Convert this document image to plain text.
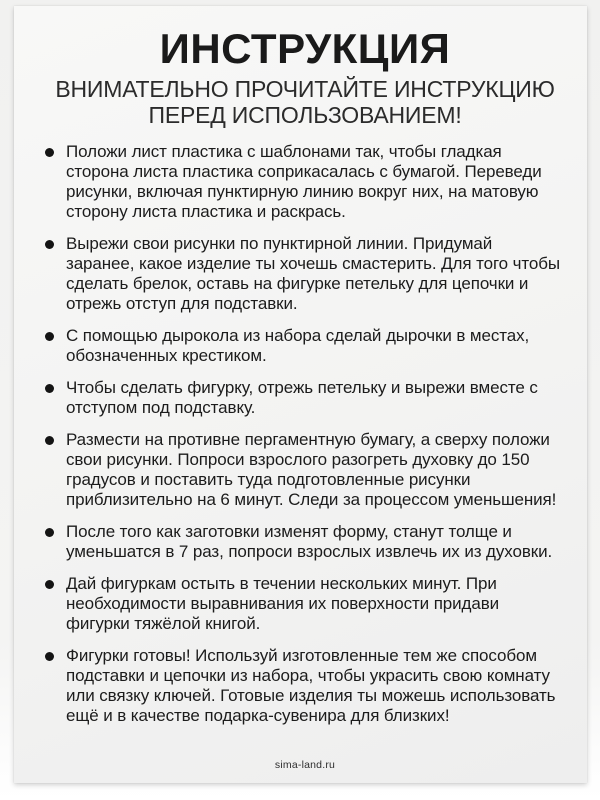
ИНСТРУКЦИЯ
ВНИМАТЕЛЬНО ПРОЧИТАЙТЕ ИНСТРУКЦИЮ
ПЕРЕД ИСПОЛЬЗОВАНИЕМ!
Положи лист пластика с шаблонами так, чтобы гладкая сторона листа пластика соприкасалась с бумагой. Переведи рисунки, включая пунктирную линию вокруг них, на матовую сторону листа пластика и раскрась.
Вырежи свои рисунки по пунктирной линии. Придумай заранее, какое изделие ты хочешь смастерить. Для того чтобы сделать брелок, оставь на фигурке петельку для цепочки и отрежь отступ для подставки.
С помощью дырокола из набора сделай дырочки в местах, обозначенных крестиком.
Чтобы сделать фигурку, отрежь петельку и вырежи вместе с отступом под подставку.
Размести на противне пергаментную бумагу, а сверху положи свои рисунки. Попроси взрослого разогреть духовку до 150 градусов и поставить туда подготовленные рисунки приблизительно на 6 минут. Следи за процессом уменьшения!
После того как заготовки изменят форму, станут толще и уменьшатся в 7 раз, попроси взрослых извлечь их из духовки.
Дай фигуркам остыть в течении нескольких минут. При необходимости выравнивания их поверхности придави фигурки тяжёлой книгой.
Фигурки готовы! Используй изготовленные тем же способом подставки и цепочки из набора, чтобы украсить свою комнату или связку ключей. Готовые изделия ты можешь использовать ещё и в качестве подарка-сувенира для близких!
sima-land.ru
